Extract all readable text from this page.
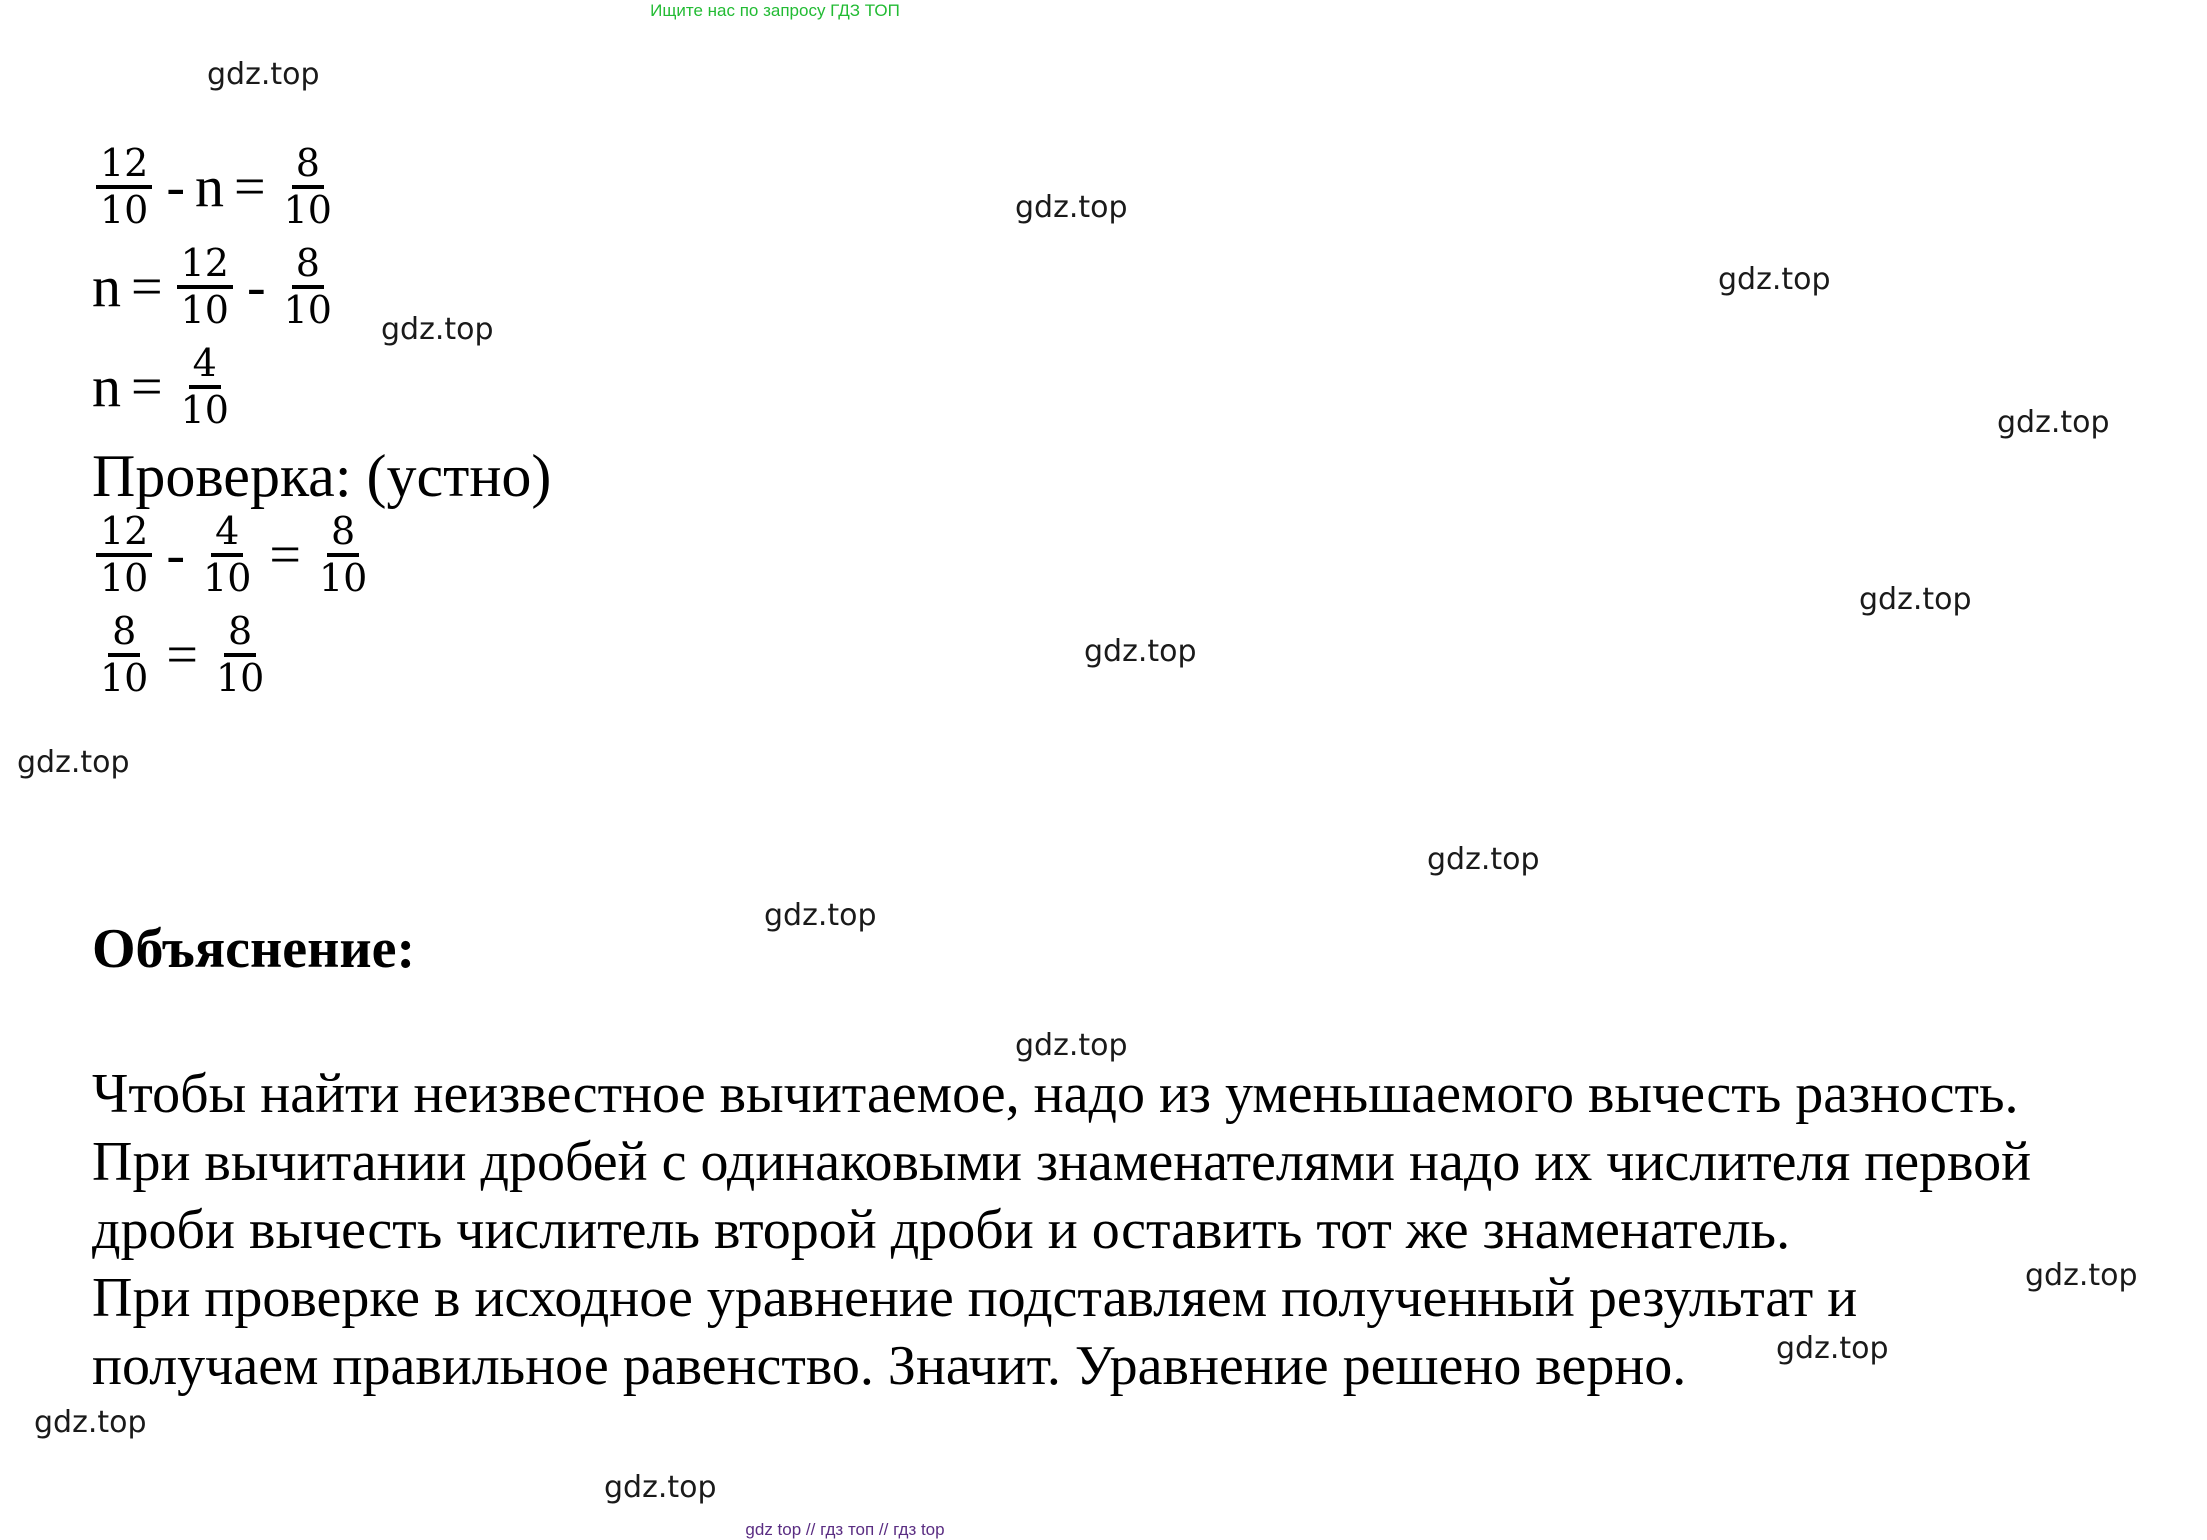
Ищите нас по запросу ГДЗ ТОП
$\frac{12}{10} - n = \frac{8}{10}$
$n = \frac{12}{10} - \frac{8}{10}$
$n = \frac{4}{10}$
Проверка: (устно)
$\frac{12}{10} - \frac{4}{10} = \frac{8}{10}$
$\frac{8}{10} = \frac{8}{10}$
Объяснение:
Чтобы найти неизвестное вычитаемое, надо из уменьшаемого вычесть разность.
При вычитании дробей с одинаковыми знаменателями надо их числителя первой
дроби вычесть числитель второй дроби и оставить тот же знаменатель.
При проверке в исходное уравнение подставляем полученный результат и
получаем правильное равенство. Значит. Уравнение решено верно.
gdz.top
gdz.top
gdz.top
gdz.top
gdz.top
gdz.top
gdz.top
gdz.top
gdz.top
gdz.top
gdz.top
gdz.top
gdz.top
gdz.top
gdz.top
gdz top // гдз топ // гдз top
